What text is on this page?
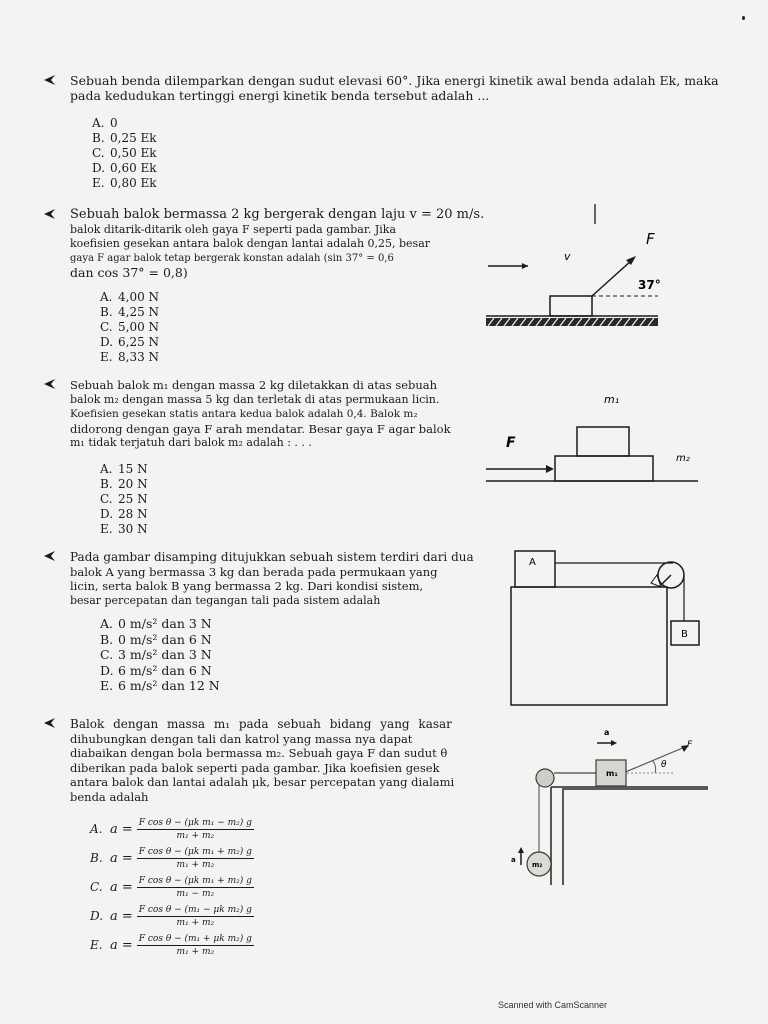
Sebuah benda dilemparkan dengan sudut elevasi 60°. Jika energi kinetik awal benda adalah Ek, maka
pada kedudukan tertinggi energi kinetik benda tersebut adalah ...
A. 0
B. 0,25 Ek
C. 0,50 Ek
D. 0,60 Ek
E. 0,80 Ek
Sebuah balok bermassa 2 kg bergerak dengan laju v = 20 m/s.
balok ditarik-ditarik oleh gaya F seperti pada gambar. Jika
koefisien gesekan antara balok dengan lantai adalah 0,25, besar
gaya F agar balok tetap bergerak konstan adalah (sin 37° = 0,6
dan cos 37° = 0,8)
A. 4,00 N
B. 4,25 N
C. 5,00 N
D. 6,25 N
E. 8,33 N
v
F
37°
Sebuah balok m₁ dengan massa 2 kg diletakkan di atas sebuah
balok m₂ dengan massa 5 kg dan terletak di atas permukaan licin.
Koefisien gesekan statis antara kedua balok adalah 0,4. Balok m₂
didorong dengan gaya F arah mendatar. Besar gaya F agar balok
m₁ tidak terjatuh dari balok m₂ adalah : . . .
A. 15 N
B. 20 N
C. 25 N
D. 28 N
E. 30 N
m₁
F
m₂
Pada gambar disamping ditujukkan sebuah sistem terdiri dari dua
balok A yang bermassa 3 kg dan berada pada permukaan yang
licin, serta balok B yang bermassa 2 kg. Dari kondisi sistem,
besar percepatan dan tegangan tali pada sistem adalah
A. 0 m/s² dan 3 N
B. 0 m/s² dan 6 N
C. 3 m/s² dan 3 N
D. 6 m/s² dan 6 N
E. 6 m/s² dan 12 N
A
B
Balok dengan massa m₁ pada sebuah bidang yang kasar
dihubungkan dengan tali dan katrol yang massa nya dapat
diabaikan dengan bola bermassa m₂. Sebuah gaya F dan sudut θ
diberikan pada balok seperti pada gambar. Jika koefisien gesek
antara balok dan lantai adalah μk, besar percepatan yang dialami
benda adalah
A. $a = \frac{\text{F cos θ − (μk m₁ − m₂) g}}{\text{m₁ + m₂}}$
B. $a = \frac{\text{F cos θ − (μk m₁ + m₂) g}}{\text{m₁ + m₂}}$
C. $a = \frac{\text{F cos θ − (μk m₁ + m₂) g}}{\text{m₁ − m₂}}$
D. $a = \frac{\text{F cos θ − (m₁ − μk m₂) g}}{\text{m₁ + m₂}}$
E. $a = \frac{\text{F cos θ − (m₁ + μk m₂) g}}{\text{m₁ + m₂}}$
a
F
θ
m₁
a
m₂
Scanned with CamScanner
